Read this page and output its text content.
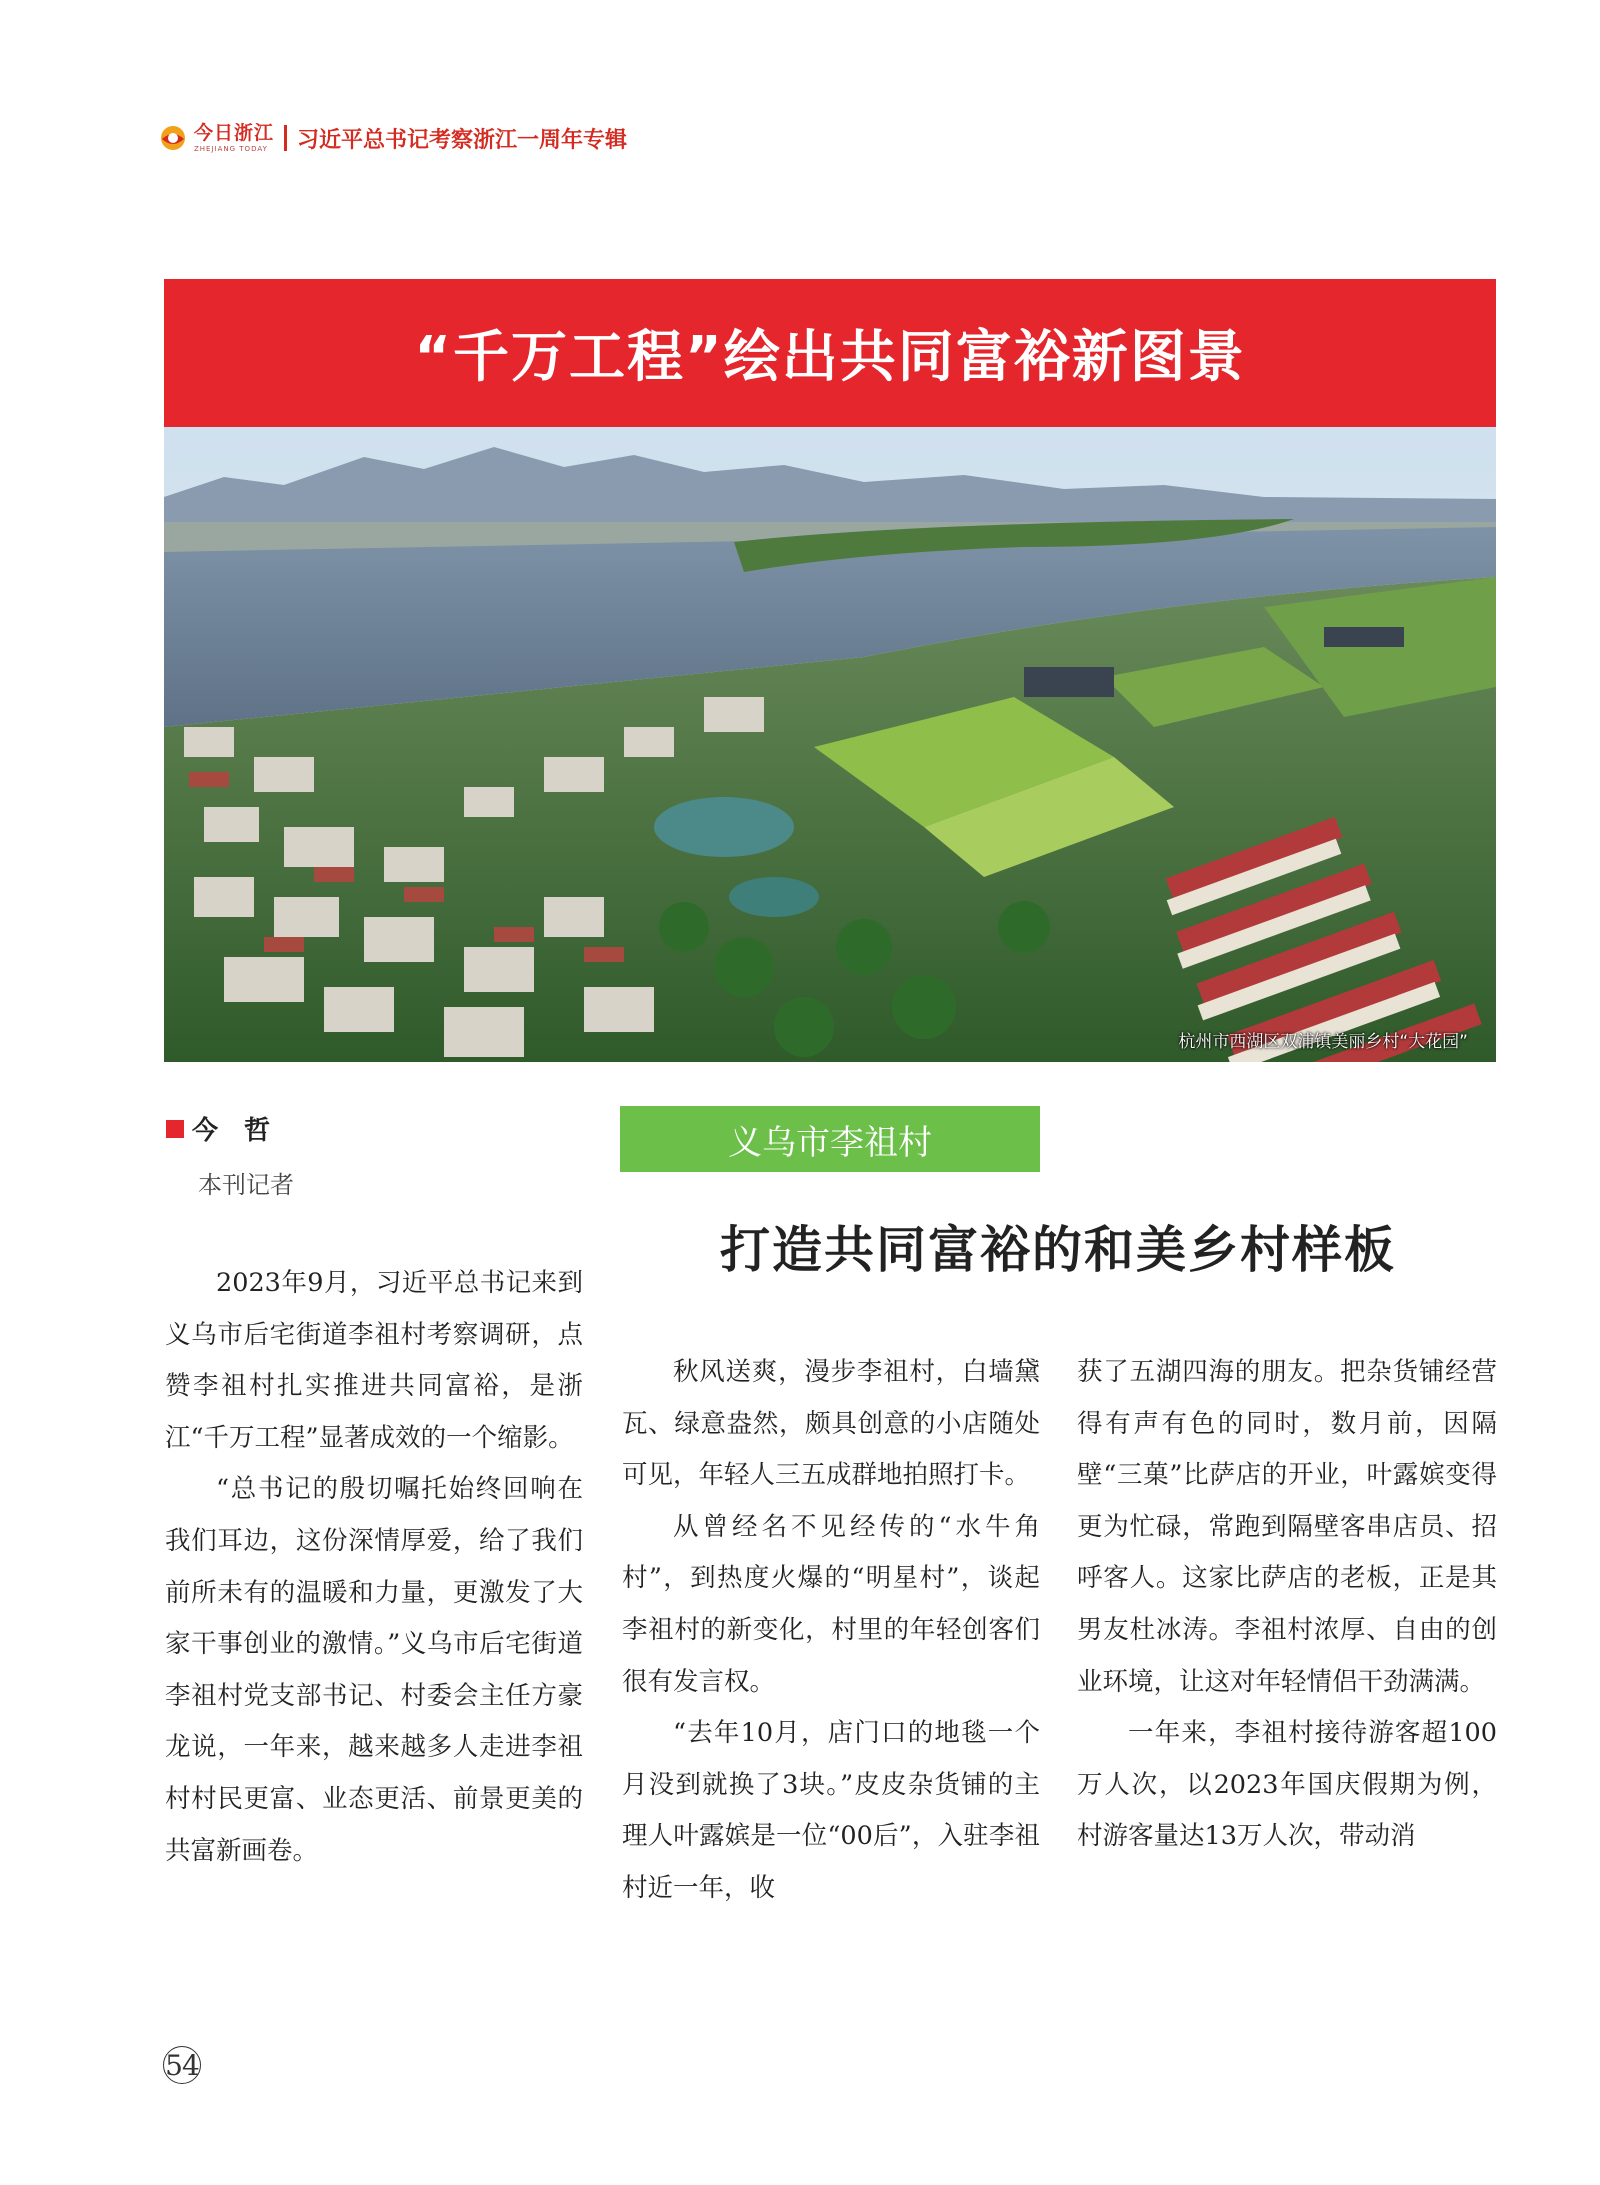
今日浙江
ZHEJIANG TODAY 习近平总书记考察浙江一周年专辑
“千万工程”绘出共同富裕新图景
杭州市西湖区双浦镇美丽乡村“大花园”
今　哲
本刊记者
义乌市李祖村
打造共同富裕的和美乡村样板

2023年9月，习近平总书记来到义乌市后宅街道李祖村考察调研，点赞李祖村扎实推进共同富裕，是浙江“千万工程”显著成效的一个缩影。

“总书记的殷切嘱托始终回响在我们耳边，这份深情厚爱，给了我们前所未有的温暖和力量，更激发了大家干事创业的激情。”义乌市后宅街道李祖村党支部书记、村委会主任方豪龙说，一年来，越来越多人走进李祖村村民更富、业态更活、前景更美的共富新画卷。

秋风送爽，漫步李祖村，白墙黛瓦、绿意盎然，颇具创意的小店随处可见，年轻人三五成群地拍照打卡。

从曾经名不见经传的“水牛角村”，到热度火爆的“明星村”，谈起李祖村的新变化，村里的年轻创客们很有发言权。

“去年10月，店门口的地毯一个月没到就换了3块。”皮皮杂货铺的主理人叶露嫔是一位“00后”，入驻李祖村近一年，收

获了五湖四海的朋友。把杂货铺经营得有声有色的同时，数月前，因隔壁“三菓”比萨店的开业，叶露嫔变得更为忙碌，常跑到隔壁客串店员、招呼客人。这家比萨店的老板，正是其男友杜冰涛。李祖村浓厚、自由的创业环境，让这对年轻情侣干劲满满。

一年来，李祖村接待游客超100万人次，以2023年国庆假期为例，村游客量达13万人次，带动消

54
